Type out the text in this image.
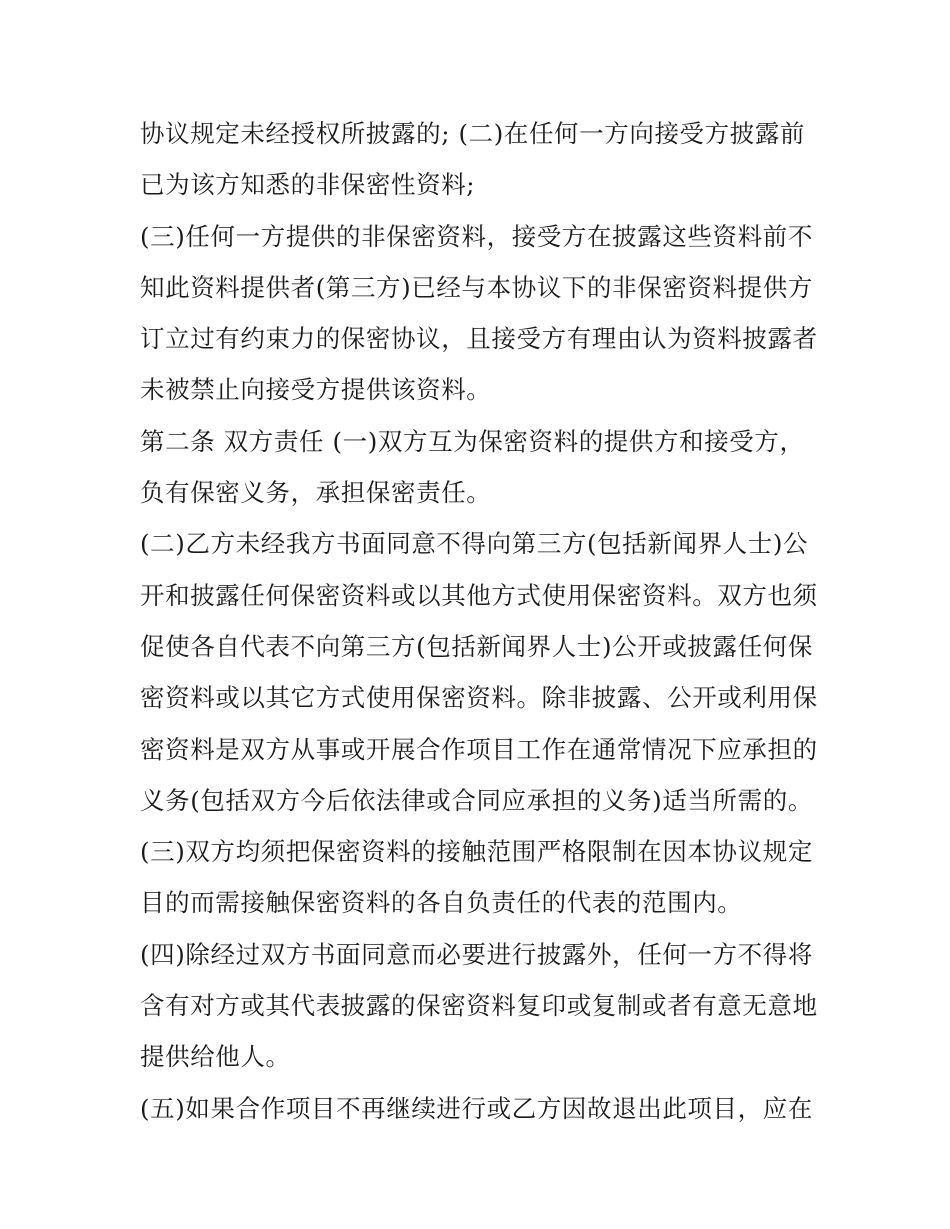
协议规定未经授权所披露的; (二)在任何一方向接受方披露前
已为该方知悉的非保密性资料;
(三)任何一方提供的非保密资料，接受方在披露这些资料前不
知此资料提供者(第三方)已经与本协议下的非保密资料提供方
订立过有约束力的保密协议，且接受方有理由认为资料披露者
未被禁止向接受方提供该资料。
第二条 双方责任 (一)双方互为保密资料的提供方和接受方，
负有保密义务，承担保密责任。
(二)乙方未经我方书面同意不得向第三方(包括新闻界人士)公
开和披露任何保密资料或以其他方式使用保密资料。双方也须
促使各自代表不向第三方(包括新闻界人士)公开或披露任何保
密资料或以其它方式使用保密资料。除非披露、公开或利用保
密资料是双方从事或开展合作项目工作在通常情况下应承担的
义务(包括双方今后依法律或合同应承担的义务)适当所需的。
(三)双方均须把保密资料的接触范围严格限制在因本协议规定
目的而需接触保密资料的各自负责任的代表的范围内。
(四)除经过双方书面同意而必要进行披露外，任何一方不得将
含有对方或其代表披露的保密资料复印或复制或者有意无意地
提供给他人。
(五)如果合作项目不再继续进行或乙方因故退出此项目，应在
